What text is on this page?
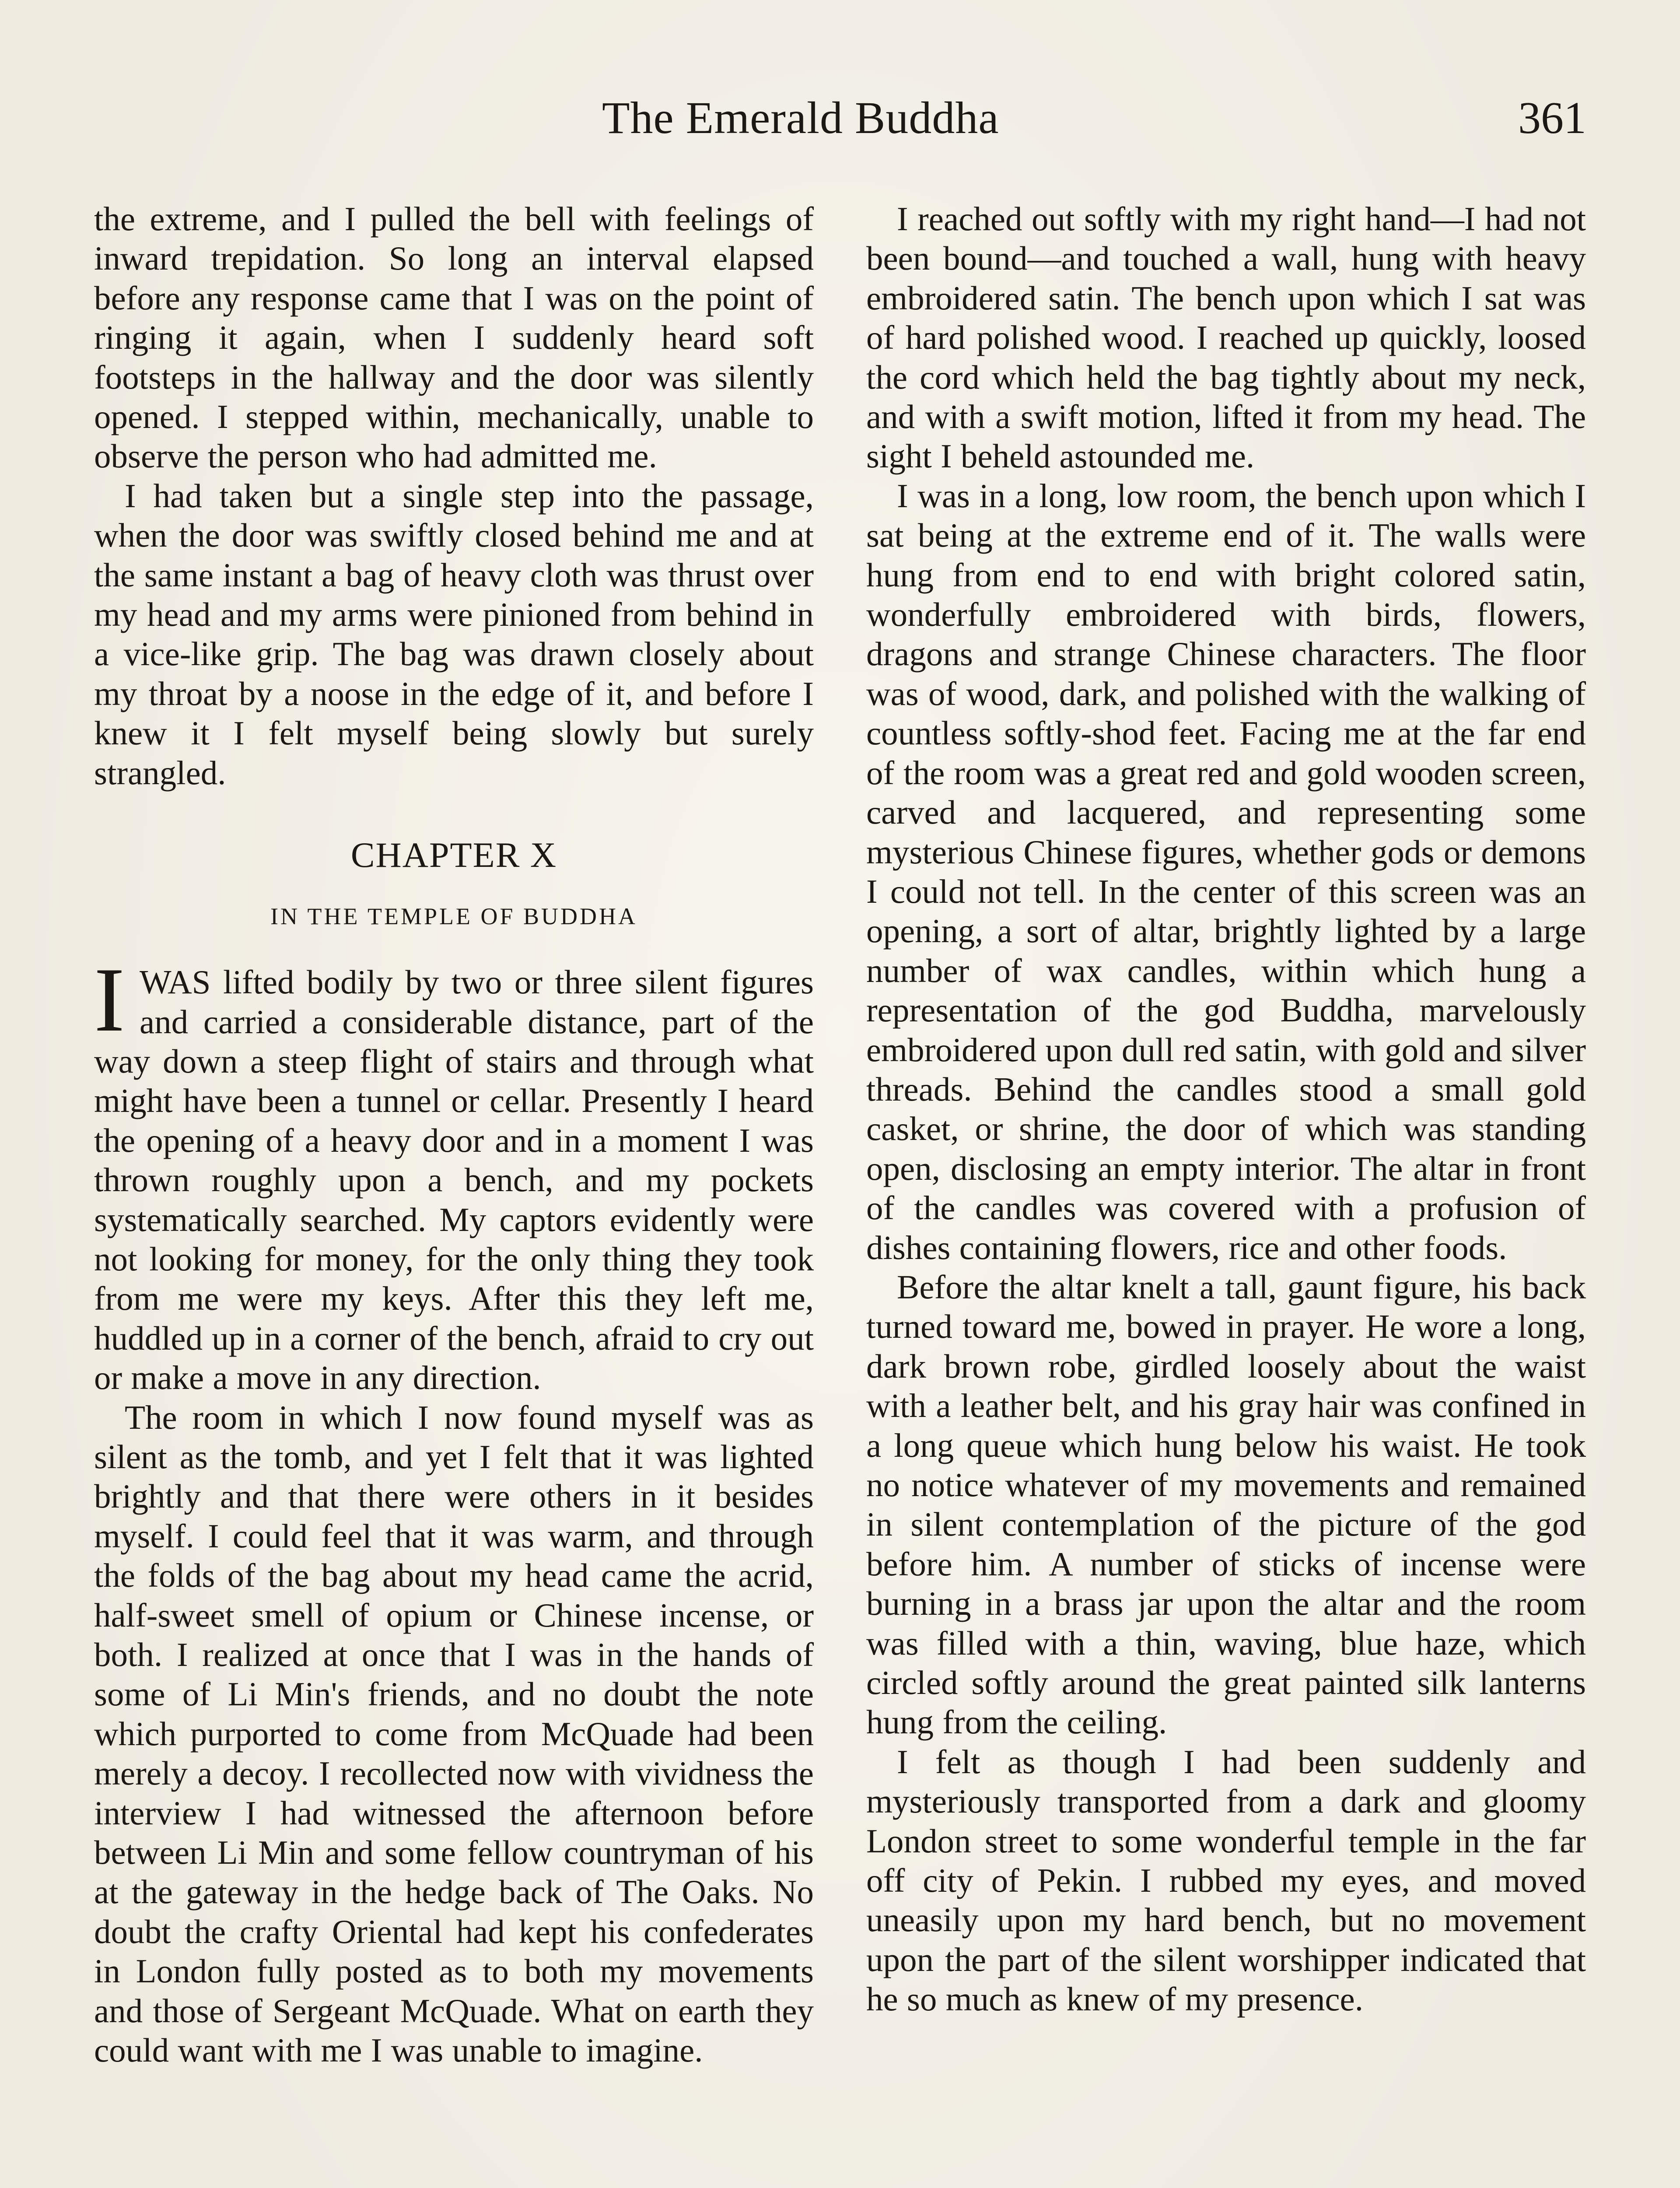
The Emerald Buddha	361

the extreme, and I pulled the bell with feelings of inward trepidation. So long an interval elapsed before any response came that I was on the point of ringing it again, when I suddenly heard soft footsteps in the hallway and the door was silently opened. I stepped within, mechanically, unable to observe the person who had admitted me.

I had taken but a single step into the passage, when the door was swiftly closed behind me and at the same instant a bag of heavy cloth was thrust over my head and my arms were pinioned from behind in a vice-like grip. The bag was drawn closely about my throat by a noose in the edge of it, and before I knew it I felt myself being slowly but surely strangled.

CHAPTER X
IN THE TEMPLE OF BUDDHA

IWAS lifted bodily by two or three silent figures and carried a considerable distance, part of the way down a steep flight of stairs and through what might have been a tunnel or cellar. Presently I heard the opening of a heavy door and in a moment I was thrown roughly upon a bench, and my pockets systematically searched. My captors evidently were not looking for money, for the only thing they took from me were my keys. After this they left me, huddled up in a corner of the bench, afraid to cry out or make a move in any direction.

The room in which I now found myself was as silent as the tomb, and yet I felt that it was lighted brightly and that there were others in it besides myself. I could feel that it was warm, and through the folds of the bag about my head came the acrid, half-sweet smell of opium or Chinese incense, or both. I realized at once that I was in the hands of some of Li Min's friends, and no doubt the note which purported to come from McQuade had been merely a decoy. I recollected now with vividness the interview I had witnessed the afternoon before between Li Min and some fellow countryman of his at the gateway in the hedge back of The Oaks. No doubt the crafty Oriental had kept his confederates in London fully posted as to both my movements and those of Sergeant McQuade. What on earth they could want with me I was unable to imagine.

I reached out softly with my right hand—I had not been bound—and touched a wall, hung with heavy embroidered satin. The bench upon which I sat was of hard polished wood. I reached up quickly, loosed the cord which held the bag tightly about my neck, and with a swift motion, lifted it from my head. The sight I beheld astounded me.

I was in a long, low room, the bench upon which I sat being at the extreme end of it. The walls were hung from end to end with bright colored satin, wonderfully embroidered with birds, flowers, dragons and strange Chinese characters. The floor was of wood, dark, and polished with the walking of countless softly-shod feet. Facing me at the far end of the room was a great red and gold wooden screen, carved and lacquered, and representing some mysterious Chinese figures, whether gods or demons I could not tell. In the center of this screen was an opening, a sort of altar, brightly lighted by a large number of wax candles, within which hung a representation of the god Buddha, marvelously embroidered upon dull red satin, with gold and silver threads. Behind the candles stood a small gold casket, or shrine, the door of which was standing open, disclosing an empty interior. The altar in front of the candles was covered with a profusion of dishes containing flowers, rice and other foods.

Before the altar knelt a tall, gaunt figure, his back turned toward me, bowed in prayer. He wore a long, dark brown robe, girdled loosely about the waist with a leather belt, and his gray hair was confined in a long queue which hung below his waist. He took no notice whatever of my movements and remained in silent contemplation of the picture of the god before him. A number of sticks of incense were burning in a brass jar upon the altar and the room was filled with a thin, waving, blue haze, which circled softly around the great painted silk lanterns hung from the ceiling.

I felt as though I had been suddenly and mysteriously transported from a dark and gloomy London street to some wonderful temple in the far off city of Pekin. I rubbed my eyes, and moved uneasily upon my hard bench, but no movement upon the part of the silent worshipper indicated that he so much as knew of my presence.
